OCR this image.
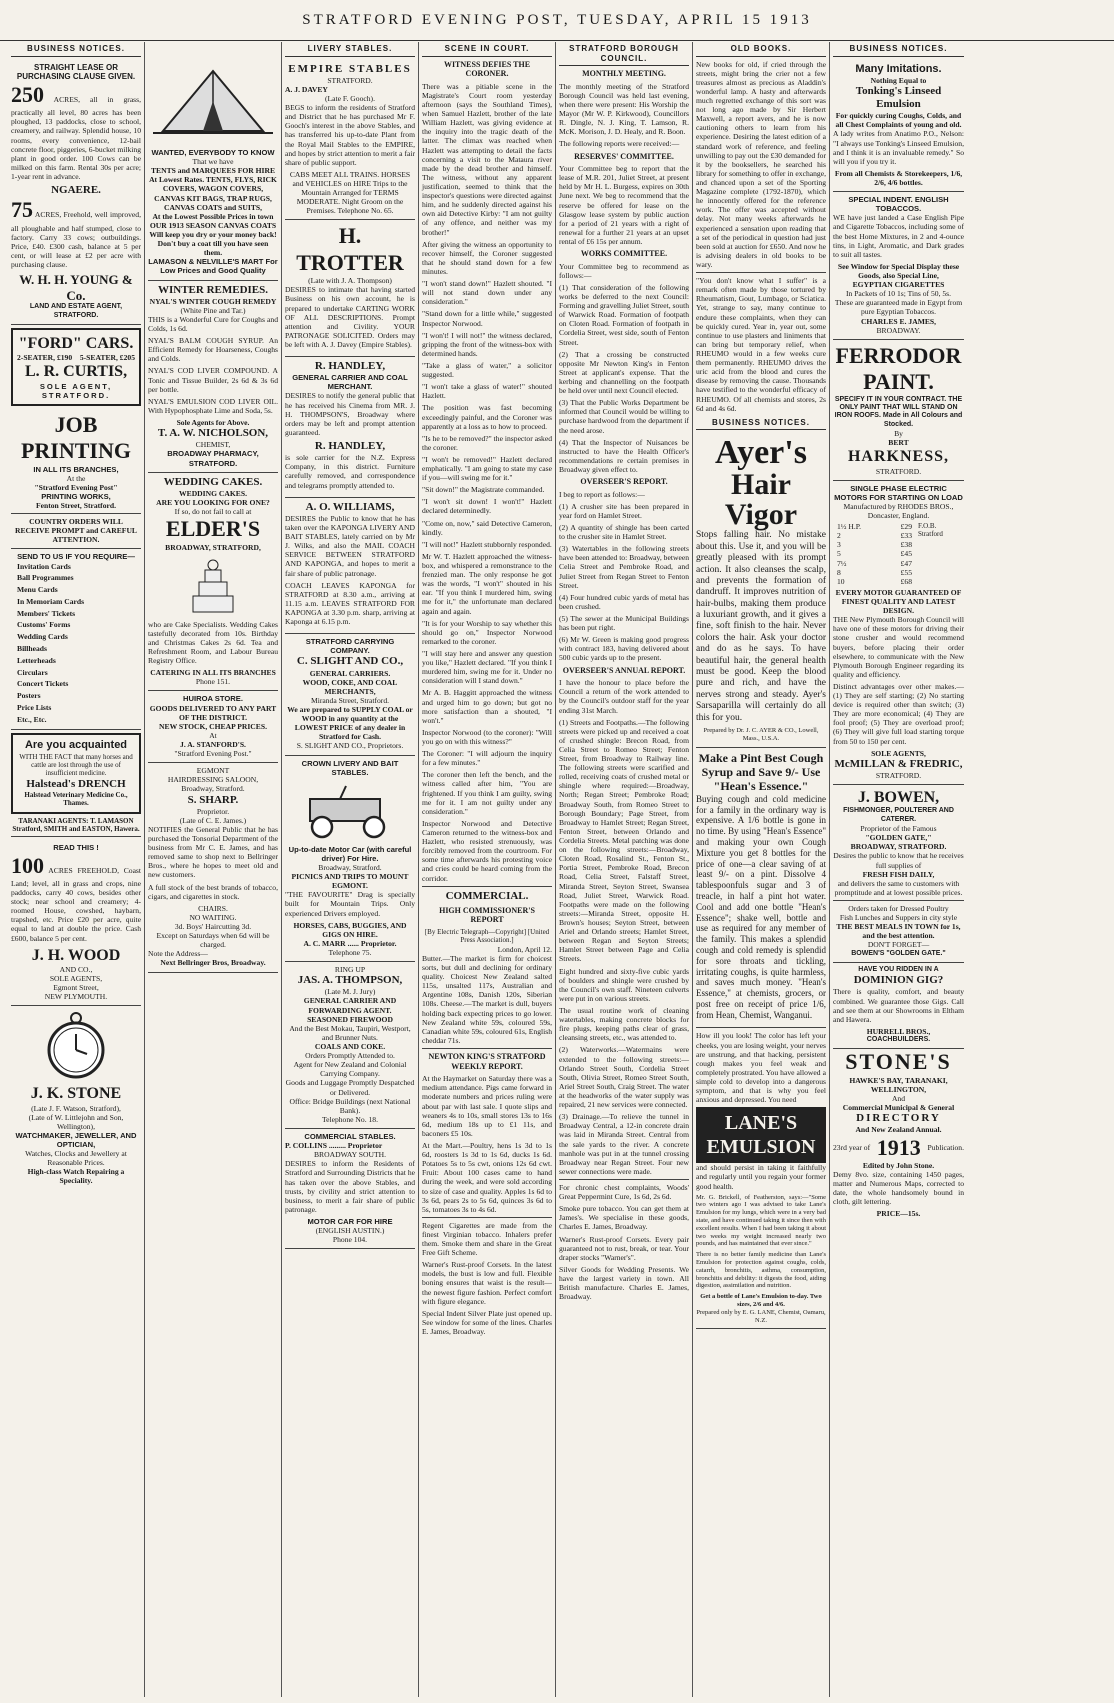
STRATFORD EVENING POST, TUESDAY, APRIL 15 1913
BUSINESS NOTICES.
STRAIGHT LEASE OR PURCHASING CLAUSE GIVEN.
250 ACRES, all in grass, practically all level, 80 acres has been ploughed, 13 paddocks, close to school, creamery, and railway. Splendid house, 10 rooms, every convenience, 12-bail concrete floor, piggeries, 6-bucket milking plant in good order. 100 Cows can be milked on this farm. Rental 30s per acre; 1-year rent in advance.
NGAERE.
75 ACRES, Freehold, well improved, all ploughable and half stumped, close to factory. Carry 33 cows; outbuildings. Price, £40. £300 cash, balance at 5 per cent, or will lease at £2 per acre with purchasing clause.
W. H. H. YOUNG & Co.
LAND AND ESTATE AGENT, STRATFORD.
"FORD" CARS.
2-SEATER, £190 5-SEATER, £205
L. R. CURTIS,
SOLE AGENT, STRATFORD.
JOB
PRINTING
IN ALL ITS BRANCHES,
At the
"Stratford Evening Post"
PRINTING WORKS,
Fenton Street, Stratford.
COUNTRY ORDERS WILL
RECEIVE PROMPT and CAREFUL ATTENTION.
SEND TO US IF YOU REQUIRE—
Invitation Cards
Ball Programmes
Menu Cards
In Memoriam Cards
Members' Tickets
Customs' Forms
Wedding Cards
Billheads
Letterheads
Circulars
Concert Tickets
Posters
Price Lists
Etc., Etc.
Are you acquainted
WITH THE FACT that many horses and cattle are lost through the use of insufficient medicine.
Halstead's DRENCH
Halstead Veterinary Medicine Co., Thames.
TARANAKI AGENTS: T. LAMASON Stratford, SMITH and EASTON, Hawera.
READ THIS !
100 ACRES FREEHOLD, Coast Land; level, all in grass and crops, nine paddocks, carry 40 cows, besides other stock; near school and creamery; 4-roomed House, cowshed, haybarn, trapshed, etc. Price £20 per acre, quite equal to land at double the price. Cash £600, balance 5 per cent.
J. H. WOOD
AND CO.,
SOLE AGENTS,
Egmont Street,
NEW PLYMOUTH.
J. K. STONE
(Late J. F. Watson, Stratford),
(Late of W. Littlejohn and Son, Wellington),
WATCHMAKER, JEWELLER, AND OPTICIAN,
Watches, Clocks and Jewellery at Reasonable Prices.
High-class Watch Repairing a Speciality.
WANTED, EVERYBODY TO KNOW
That we have
TENTS and MARQUEES FOR HIRE At Lowest Rates. TENTS, FLYS, RICK COVERS, WAGON COVERS, CANVAS KIT BAGS, TRAP RUGS, CANVAS COATS and SUITS,
At the Lowest Possible Prices in town
OUR 1913 SEASON CANVAS COATS Will keep you dry or your money back! Don't buy a coat till you have seen them.
LAMASON & NELVILLE'S MART For Low Prices and Good Quality
WINTER REMEDIES.
NYAL'S WINTER COUGH REMEDY
(White Pine and Tar.)
THIS is a Wonderful Cure for Coughs and Colds, 1s 6d.
NYAL'S BALM COUGH SYRUP. An Efficient Remedy for Hoarseness, Coughs and Colds.
NYAL'S COD LIVER COMPOUND. A Tonic and Tissue Builder, 2s 6d & 3s 6d per bottle.
NYAL'S EMULSION COD LIVER OIL. With Hypophosphate Lime and Soda, 5s.
Sole Agents for Above.
T. A. W. NICHOLSON,
CHEMIST,
BROADWAY PHARMACY, STRATFORD.
WEDDING CAKES.
WEDDING CAKES.
ARE YOU LOOKING FOR ONE?
If so, do not fail to call at
ELDER'S
BROADWAY, STRATFORD,
who are Cake Specialists. Wedding Cakes tastefully decorated from 10s. Birthday and Christmas Cakes 2s 6d. Tea and Refreshment Room, and Labour Bureau Registry Office.
CATERING IN ALL ITS BRANCHES
Phone 151.
HUIROA STORE.
GOODS DELIVERED TO ANY PART OF THE DISTRICT.
NEW STOCK, CHEAP PRICES.
At
J. A. STANFORD'S.
"Stratford Evening Post."
EGMONT
HAIRDRESSING SALOON,
Broadway, Stratford.
S. SHARP.
Proprietor.
(Late of C. E. James.)
NOTIFIES the General Public that he has purchased the Tonsorial Department of the business from Mr C. E. James, and has removed same to shop next to Bellringer Bros., where he hopes to meet old and new customers.
A full stock of the best brands of tobacco, cigars, and cigarettes in stock.
CHAIRS.
NO WAITING.
3d. Boys' Haircutting 3d.
Except on Saturdays when 6d will be charged.
Note the Address—
Next Bellringer Bros, Broadway.
LIVERY STABLES.
EMPIRE STABLES
STRATFORD.
A. J. DAVEY
(Late F. Gooch).
BEGS to inform the residents of Stratford and District that he has purchased Mr F. Gooch's interest in the above Stables, and has transferred his up-to-date Plant from the Royal Mail Stables to the EMPIRE, and hopes by strict attention to merit a fair share of public support.
CABS MEET ALL TRAINS. HORSES and VEHICLES on HIRE Trips to the Mountain Arranged for TERMS MODERATE. Night Groom on the Premises. Telephone No. 65.
H. TROTTER
(Late with J. A. Thompson)
DESIRES to intimate that having started Business on his own account, he is prepared to undertake CARTING WORK OF ALL DESCRIPTIONS. Prompt attention and Civility. YOUR PATRONAGE SOLICITED. Orders may be left with A. J. Davey (Empire Stables).
R. HANDLEY,
GENERAL CARRIER AND COAL MERCHANT.
DESIRES to notify the general public that he has received his Cinema from MR. J. H. THOMPSON'S, Broadway where orders may be left and prompt attention guaranteed.
R. HANDLEY,
is sole carrier for the N.Z. Express Company, in this district. Furniture carefully removed, and correspondence and telegrams promptly attended to.
A. O. WILLIAMS,
DESIRES the Public to know that he has taken over the KAPONGA LIVERY AND BAIT STABLES, lately carried on by Mr J. Wilks, and also the MAIL COACH SERVICE BETWEEN STRATFORD AND KAPONGA, and hopes to merit a fair share of public patronage.
COACH LEAVES KAPONGA for STRATFORD at 8.30 a.m., arriving at 11.15 a.m. LEAVES STRATFORD FOR KAPONGA at 3.30 p.m. sharp, arriving at Kaponga at 6.15 p.m.
STRATFORD CARRYING COMPANY.
C. SLIGHT AND CO.,
GENERAL CARRIERS.
WOOD, COKE, AND COAL MERCHANTS,
Miranda Street, Stratford.
We are prepared to SUPPLY COAL or WOOD in any quantity at the LOWEST PRICE of any dealer in Stratford for Cash.
S. SLIGHT AND CO., Proprietors.
CROWN LIVERY AND BAIT STABLES.
Up-to-date Motor Car (with careful driver) For Hire.
Broadway, Stratford.
PICNICS AND TRIPS TO MOUNT EGMONT.
"THE FAVOURITE" Drag is specially built for Mountain Trips. Only experienced Drivers employed.
HORSES, CABS, BUGGIES, AND GIGS ON HIRE.
A. C. MARR ...... Proprietor.
Telephone 75.
RING UP
JAS. A. THOMPSON,
(Late M. J. Jury)
GENERAL CARRIER AND FORWARDING AGENT.
SEASONED FIREWOOD
And the Best Mokau, Taupiri, Westport, and Brunner Nuts.
COALS AND COKE.
Orders Promptly Attended to.
Agent for New Zealand and Colonial Carrying Company.
Goods and Luggage Promptly Despatched or Delivered.
Office: Bridge Buildings (next National Bank).
Telephone No. 18.
COMMERCIAL STABLES.
P. COLLINS ......... Proprietor
BROADWAY SOUTH.
DESIRES to inform the Residents of Stratford and Surrounding Districts that he has taken over the above Stables, and trusts, by civility and strict attention to business, to merit a fair share of public patronage.
MOTOR CAR FOR HIRE
(ENGLISH AUSTIN.)
Phone 104.
SCENE IN COURT.
WITNESS DEFIES THE CORONER.
There was a pitiable scene in the Magistrate's Court room yesterday afternoon (says the Southland Times), when Samuel Hazlett, brother of the late William Hazlett, was giving evidence at the inquiry into the tragic death of the latter. The climax was reached when Hazlett was attempting to detail the facts concerning a visit to the Mataura river made by the dead brother and himself. The witness, without any apparent justification, seemed to think that the inspector's questions were directed against him, and he suddenly directed against his own aid Detective Kirby: "I am not guilty of any offence, and neither was my brother!"
After giving the witness an opportunity to recover himself, the Coroner suggested that he should stand down for a few minutes.
"I won't stand down!" Hazlett shouted. "I will not stand down under any consideration."
"Stand down for a little while," suggested Inspector Norwood.
"I won't! I will not!" the witness declared, gripping the front of the witness-box with determined hands.
"Take a glass of water," a solicitor suggested.
"I won't take a glass of water!" shouted Hazlett.
The position was fast becoming exceedingly painful, and the Coroner was apparently at a loss as to how to proceed.
"Is he to be removed?" the inspector asked the coroner.
"I won't be removed!" Hazlett declared emphatically. "I am going to state my case if you—will swing me for it."
"Sit down!" the Magistrate commanded.
"I won't sit down! I won't!" Hazlett declared determinedly.
"Come on, now," said Detective Cameron, kindly.
"I will not!" Hazlett stubbornly responded.
Mr W. T. Hazlett approached the witness-box, and whispered a remonstrance to the frenzied man. The only response he got was the words, "I won't" shouted in his ear. "If you think I murdered him, swing me for it," the unfortunate man declared again and again.
"It is for your Worship to say whether this should go on," Inspector Norwood remarked to the coroner.
"I will stay here and answer any question you like," Hazlett declared. "If you think I murdered him, swing me for it. Under no consideration will I stand down."
Mr A. B. Haggitt approached the witness and urged him to go down; but got no more satisfaction than a shouted, "I won't."
Inspector Norwood (to the coroner): "Will you go on with this witness?"
The Coroner: "I will adjourn the inquiry for a few minutes."
The coroner then left the bench, and the witness called after him, "You are frightened. If you think I am guilty, swing me for it. I am not guilty under any consideration."
Inspector Norwood and Detective Cameron returned to the witness-box and Hazlett, who resisted strenuously, was forcibly removed from the courtroom. For some time afterwards his protesting voice and cries could be heard coming from the corridor.
COMMERCIAL.
HIGH COMMISSIONER'S REPORT
[By Electric Telegraph—Copyright] [United Press Association.]
London, April 12.
Butter.—The market is firm for choicest sorts, but dull and declining for ordinary quality. Choicest New Zealand salted 115s, unsalted 117s, Australian and Argentine 108s, Danish 120s, Siberian 108s. Cheese.—The market is dull, buyers holding back expecting prices to go lower. New Zealand white 59s, coloured 59s, Canadian white 59s, coloured 61s, English cheddar 71s.
NEWTON KING'S STRATFORD WEEKLY REPORT.
At the Haymarket on Saturday there was a medium attendance. Pigs came forward in moderate numbers and prices ruling were about par with last sale. I quote slips and weaners 4s to 10s, small stores 13s to 16s 6d, medium 18s up to £1 11s, and baconers £5 10s.
At the Mart.—Poultry, hens 1s 3d to 1s 6d, roosters 1s 3d to 1s 6d, ducks 1s 6d. Potatoes 5s to 5s cwt, onions 12s 6d cwt. Fruit: About 100 cases came to hand during the week, and were sold according to size of case and quality. Apples 1s 6d to 3s 6d, pears 2s to 5s 6d, quinces 3s 6d to 5s, tomatoes 3s to 4s 6d.
Regent Cigarettes are made from the finest Virginian tobacco. Inhalers prefer them. Smoke them and share in the Great Free Gift Scheme.
Warner's Rust-proof Corsets. In the latest models, the bust is low and full. Flexible boning ensures that waist is the result—the newest figure fashion. Perfect comfort with figure elegance.
Special Indent Silver Plate just opened up. See window for some of the lines. Charles E. James, Broadway.
STRATFORD BOROUGH COUNCIL.
MONTHLY MEETING.
The monthly meeting of the Stratford Borough Council was held last evening, when there were present: His Worship the Mayor (Mr W. P. Kirkwood), Councillors R. Dingle, N. J. King, T. Lamson, R. McK. Morison, J. D. Healy, and R. Boon.
The following reports were received:—
RESERVES' COMMITTEE.
Your Committee beg to report that the lease of M.R. 201, Juliet Street, at present held by Mr H. L. Burgess, expires on 30th June next. We beg to recommend that the reserve be offered for lease on the Glasgow lease system by public auction for a period of 21 years with a right of renewal for a further 21 years at an upset rental of £6 15s per annum.
WORKS COMMITTEE.
Your Committee beg to recommend as follows:—
(1) That consideration of the following works be deferred to the next Council: Forming and gravelling Juliet Street, south of Warwick Road. Formation of footpath on Cloten Road. Formation of footpath in Cordelia Street, west side, south of Fenton Street.
(2) That a crossing be constructed opposite Mr Newton King's in Fenton Street at applicant's expense. That the kerbing and channelling on the footpath be held over until next Council elected.
(3) That the Public Works Department be informed that Council would be willing to purchase hardwood from the department if the need arose.
(4) That the Inspector of Nuisances be instructed to have the Health Officer's recommendations re certain premises in Broadway given effect to.
OVERSEER'S REPORT.
I beg to report as follows:—
(1) A crusher site has been prepared in year ford on Hamlet Street.
(2) A quantity of shingle has been carted to the crusher site in Hamlet Street.
(3) Watertables in the following streets have been attended to: Broadway, between Celia Street and Pembroke Road, and Juliet Street from Regan Street to Fenton Street.
(4) Four hundred cubic yards of metal has been crushed.
(5) The sewer at the Municipal Buildings has been put right.
(6) Mr W. Green is making good progress with contract 183, having delivered about 500 cubic yards up to the present.
OVERSEER'S ANNUAL REPORT.
I have the honour to place before the Council a return of the work attended to by the Council's outdoor staff for the year ending 31st March.
(1) Streets and Footpaths.—The following streets were picked up and received a coat of crushed shingle: Brecon Road, from Celia Street to Romeo Street; Fenton Street, from Broadway to Railway line. The following streets were scarified and rolled, receiving coats of crushed metal or shingle where required:—Broadway, North; Regan Street; Pembroke Road; Broadway South, from Romeo Street to Borough Boundary; Page Street, from Broadway to Hamlet Street; Regan Street, Fenton Street, between Orlando and Cordelia Streets. Metal patching was done on the following streets:—Broadway, Cloten Road, Rosalind St., Fenton St., Portia Street, Pembroke Road, Brecon Road, Celia Street, Falstaff Street, Miranda Street, Seyton Street, Swansea Road, Juliet Street, Warwick Road. Footpaths were made on the following streets:—Miranda Street, opposite H. Brown's houses; Seyton Street, between Ariel and Orlando streets; Hamlet Street, between Regan and Seyton Streets; Hamlet Street between Page and Celia Streets.
Eight hundred and sixty-five cubic yards of boulders and shingle were crushed by the Council's own staff. Nineteen culverts were put in on various streets.
The usual routine work of cleaning watertables, making concrete blocks for fire plugs, keeping paths clear of grass, cleansing streets, etc., was attended to.
(2) Waterworks.—Watermains were extended to the following streets:—Orlando Street South, Cordelia Street South, Olivia Street, Romeo Street South, Ariel Street South, Craig Street. The water at the headworks of the water supply was repaired, 21 new services were connected.
(3) Drainage.—To relieve the tunnel in Broadway Central, a 12-in concrete drain was laid in Miranda Street. Central from the sale yards to the river. A concrete manhole was put in at the tunnel crossing Broadway near Regan Street. Four new sewer connections were made.
For chronic chest complaints, Woods' Great Peppermint Cure, 1s 6d, 2s 6d.
Smoke pure tobacco. You can get them at James's. We specialise in these goods, Charles E. James, Broadway.
Warner's Rust-proof Corsets. Every pair guaranteed not to rust, break, or tear. Your draper stocks "Warner's".
Silver Goods for Wedding Presents. We have the largest variety in town. All British manufacture. Charles E. James, Broadway.
OLD BOOKS.
New books for old, if cried through the streets, might bring the crier not a few treasures almost as precious as Aladdin's wonderful lamp. A hasty and afterwards much regretted exchange of this sort was not long ago made by Sir Herbert Maxwell, a report avers, and he is now cautioning others to learn from his experience. Desiring the latest edition of a standard work of reference, and feeling unwilling to pay out the £30 demanded for it by the booksellers, he searched his library for something to offer in exchange, and chanced upon a set of the Sporting Magazine complete (1792-1870), which he innocently offered for the reference work. The offer was accepted without delay. Not many weeks afterwards he experienced a sensation upon reading that a set of the periodical in question had just been sold at auction for £650. And now he is advising dealers in old books to be wary.
"You don't know what I suffer" is a remark often made by those tortured by Rheumatism, Gout, Lumbago, or Sciatica. Yet, strange to say, many continue to endure these complaints, when they can be quickly cured. Year in, year out, some continue to use plasters and liniments that can bring but temporary relief, when RHEUMO would in a few weeks cure them permanently. RHEUMO drives the uric acid from the blood and cures the disease by removing the cause. Thousands have testified to the wonderful efficacy of RHEUMO. Of all chemists and stores, 2s 6d and 4s 6d.
BUSINESS NOTICES.
Ayer's
Hair Vigor
Stops falling hair. No mistake about this. Use it, and you will be greatly pleased with its prompt action. It also cleanses the scalp, and prevents the formation of dandruff. It improves nutrition of hair-bulbs, making them produce a luxuriant growth, and it gives a fine, soft finish to the hair. Never colors the hair. Ask your doctor and do as he says. To have beautiful hair, the general health must be good. Keep the blood pure and rich, and have the nerves strong and steady. Ayer's Sarsaparilla will certainly do all this for you.
Prepared by Dr. J. C. AYER & CO., Lowell, Mass., U.S.A.
Make a Pint Best Cough Syrup and Save 9/- Use "Hean's Essence."
Buying cough and cold medicine for a family in the ordinary way is expensive. A 1/6 bottle is gone in no time. By using "Hean's Essence" and making your own Cough Mixture you get 8 bottles for the price of one—a clear saving of at least 9/- on a pint. Dissolve 4 tablespoonfuls sugar and 3 of treacle, in half a pint hot water. Cool and add one bottle "Hean's Essence"; shake well, bottle and use as required for any member of the family. This makes a splendid cough and cold remedy is splendid for sore throats and tickling, irritating coughs, is quite harmless, and saves much money. "Hean's Essence," at chemists, grocers, or post free on receipt of price 1/6, from Hean, Chemist, Wanganui.
How ill you look! The color has left your cheeks, you are losing weight, your nerves are unstrung, and that hacking, persistent cough makes you feel weak and completely prostrated. You have allowed a simple cold to develop into a dangerous symptom, and that is why you feel anxious and depressed. You need
LANE'S EMULSION
and should persist in taking it faithfully and regularly until you regain your former good health.
Mr. G. Brickell, of Featherston, says:—"Some two winters ago I was advised to take Lane's Emulsion for my lungs, which were in a very bad state, and have continued taking it since then with excellent results. When I had been taking it about two weeks my weight increased nearly two pounds, and has maintained that ever since."
There is no better family medicine than Lane's Emulsion for protection against coughs, colds, catarrh, bronchitis, asthma, consumption, bronchitis and debility: it digests the food, aiding digestion, assimilation and nutrition.
Get a bottle of Lane's Emulsion to-day. Two sizes, 2/6 and 4/6.
Prepared only by E. G. LANE, Chemist, Oamaru, N.Z.
BUSINESS NOTICES.
Many Imitations.
Nothing Equal to
Tonking's Linseed Emulsion
For quickly curing Coughs, Colds, and all Chest Complaints of young and old.
A lady writes from Anatimo P.O., Nelson: "I always use Tonking's Linseed Emulsion, and I think it is an invaluable remedy." So will you if you try it.
From all Chemists & Storekeepers, 1/6, 2/6, 4/6 bottles.
SPECIAL INDENT. ENGLISH TOBACCOS.
WE have just landed a Case English Pipe and Cigarette Tobaccos, including some of the best Home Mixtures, in 2 and 4-ounce tins, in Light, Aromatic, and Dark grades to suit all tastes.
See Window for Special Display these Goods, also Special Line,
EGYPTIAN CIGARETTES
In Packets of 10 1s; Tins of 50, 5s.
These are guaranteed made in Egypt from pure Egyptian Tobaccos.
CHARLES E. JAMES,
BROADWAY.
FERRODOR
PAINT.
SPECIFY IT IN YOUR CONTRACT. THE ONLY PAINT THAT WILL STAND ON IRON ROOFS. Made in All Colours and Stocked.
By
BERT
HARKNESS,
STRATFORD.
SINGLE PHASE ELECTRIC MOTORS FOR STARTING ON LOAD
Manufactured by RHODES BROS., Doncaster, England.
1½ H.P.	£29
2	£33
3	£38
5	£45
7½	£47
8	£55
10	£68
F.O.B. Stratford
EVERY MOTOR GUARANTEED OF FINEST QUALITY AND LATEST DESIGN.
THE New Plymouth Borough Council will have one of these motors for driving their stone crusher and would recommend buyers, before placing their order elsewhere, to communicate with the New Plymouth Borough Engineer regarding its quality and efficiency.
Distinct advantages over other makes.—(1) They are self starting; (2) No starting device is required other than switch; (3) They are more economical; (4) They are fool proof; (5) They are overload proof; (6) They will give full load starting torque from 50 to 150 per cent.
SOLE AGENTS,
McMILLAN & FREDRIC,
STRATFORD.
J. BOWEN,
FISHMONGER, POULTERER AND CATERER.
Proprietor of the Famous
"GOLDEN GATE,"
BROADWAY, STRATFORD.
Desires the public to know that he receives full supplies of
FRESH FISH DAILY,
and delivers the same to customers with promptitude and at lowest possible prices.
Orders taken for Dressed Poultry
Fish Lunches and Suppers in city style
THE BEST MEALS IN TOWN for 1s, and the best attention.
DON'T FORGET—
BOWEN'S "GOLDEN GATE."
HAVE YOU RIDDEN IN A
DOMINION GIG?
There is quality, comfort, and beauty combined. We guarantee those Gigs. Call and see them at our Showrooms in Eltham and Hawera.
HURRELL BROS.,
COACHBUILDERS.
STONE'S
HAWKE'S BAY, TARANAKI, WELLINGTON,
And
Commercial Municipal & General
DIRECTORY
And New Zealand Annual.
23rd year of 1913 Publication.
Edited by John Stone.
Demy 8vo. size, containing 1450 pages, matter and Numerous Maps, corrected to date, the whole handsomely bound in cloth, gilt lettering.
PRICE—15s.
